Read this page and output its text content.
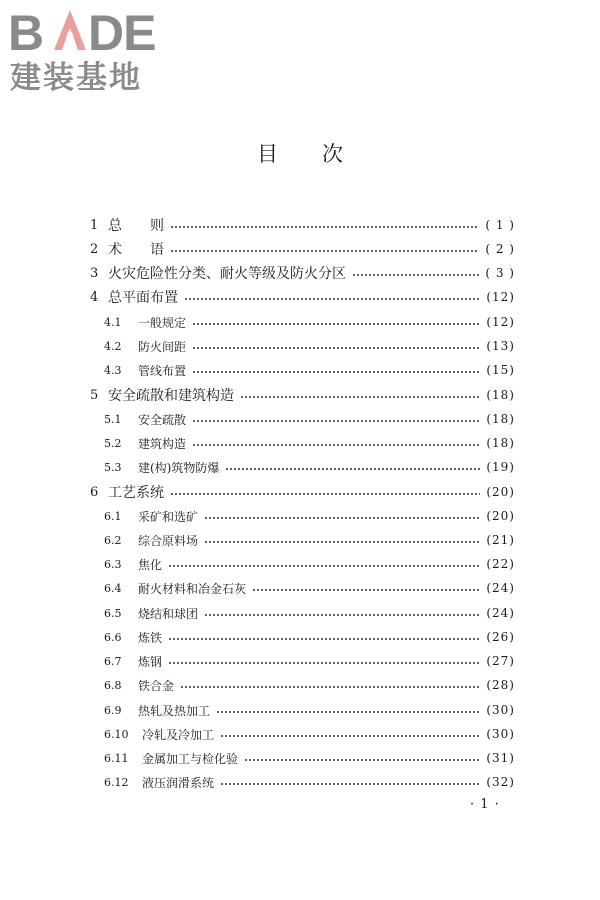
B DE
建装基地
目 次
1 总　　则	( 1 )
2 术　　语	( 2 )
3 火灾危险性分类、耐火等级及防火分区	( 3 )
4 总平面布置	(12)
4.1	一般规定	(12)
4.2	防火间距	(13)
4.3	管线布置	(15)
5 安全疏散和建筑构造	(18)
5.1	安全疏散	(18)
5.2	建筑构造	(18)
5.3	建(构)筑物防爆	(19)
6 工艺系统	(20)
6.1	采矿和选矿	(20)
6.2	综合原料场	(21)
6.3	焦化	(22)
6.4	耐火材料和冶金石灰	(24)
6.5	烧结和球团	(24)
6.6	炼铁	(26)
6.7	炼钢	(27)
6.8	铁合金	(28)
6.9	热轧及热加工	(30)
6.10	冷轧及冷加工	(30)
6.11	金属加工与检化验	(31)
6.12	液压润滑系统	(32)
· 1 ·
